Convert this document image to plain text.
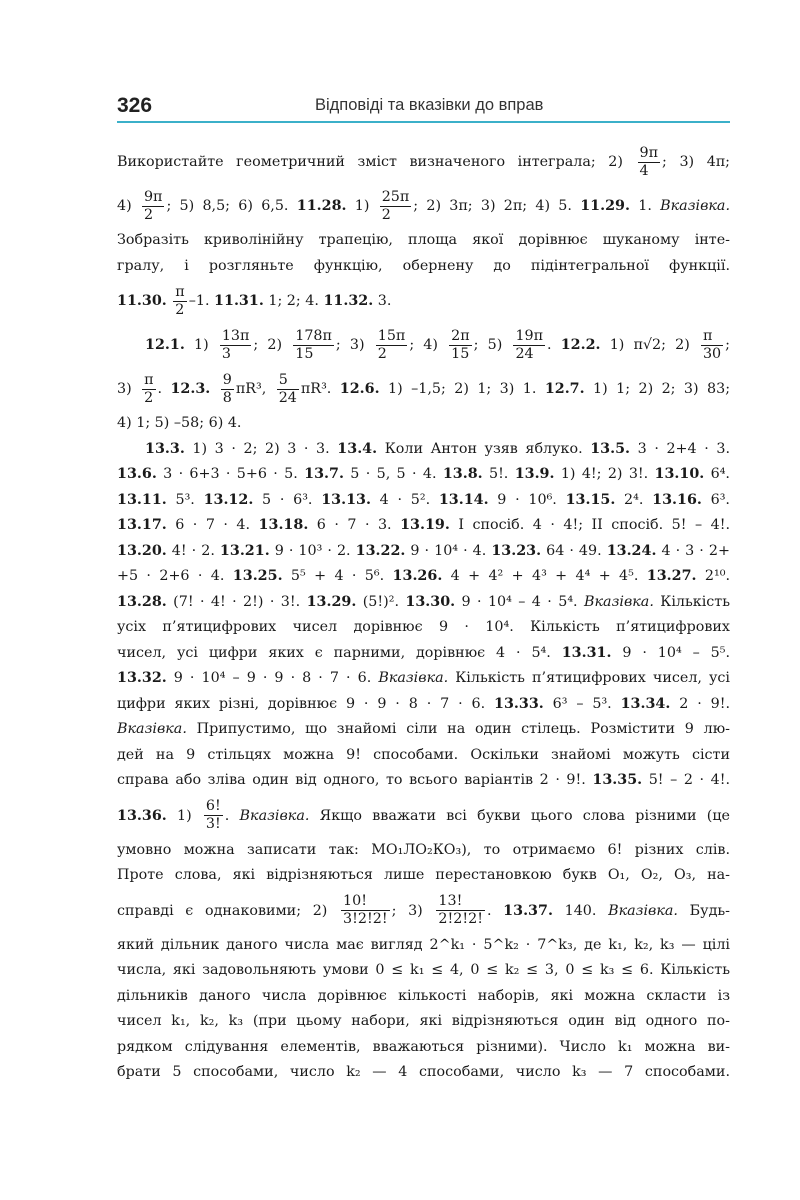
326	Відповіді та вказівки до вправ

Використайте геометричний зміст визначеного інтеграла; $2) \frac{9\pi}{4}$ ; 3) 4π;

$4) \frac{9\pi}{2}$ ; 5) 8,5; 6) 6,5. 11.28. $1) \frac{25\pi}{2}$ ; 2) 3π; 3) 2π; 4) 5. 11.29. 1. Вказівка.

Зобразіть криволінійну трапецію, площа якої дорівнює шуканому інте-

гралу, і розгляньте функцію, обернену до підінтегральної функції.

11.30. $\frac{\pi}{2} -1$. 11.31. 1; 2; 4. 11.32. 3.

12.1. $1) \frac{13\pi}{3}$ ; $2) \frac{178\pi}{15}$ ; $3) \frac{15\pi}{2}$ ; $4) \frac{2\pi}{15}$ ; $5) \frac{19\pi}{24}$ . 12.2. 1) π√2; $2) \frac{\pi}{30}$ ;

$3) \frac{\pi}{2}$ . 12.3. $\frac{9}{8} \pi R^3$, $\frac{5}{24} \pi R^3$. 12.6. 1) –1,5; 2) 1; 3) 1. 12.7. 1) 1; 2) 2; 3) 83;

4) 1; 5) –58; 6) 4.

13.3. 1) 3 · 2; 2) 3 · 3. 13.4. Коли Антон узяв яблуко. 13.5. 3 · 2+4 · 3.

13.6. 3 · 6+3 · 5+6 · 5. 13.7. 5 · 5, 5 · 4. 13.8. 5!. 13.9. 1) 4!; 2) 3!. 13.10. 6⁴.

13.11. 5³. 13.12. 5 · 6³. 13.13. 4 · 5². 13.14. 9 · 10⁶. 13.15. 2⁴. 13.16. 6³.

13.17. 6 · 7 · 4. 13.18. 6 · 7 · 3. 13.19. І спосіб. 4 · 4!; ІІ спосіб. 5! – 4!.

13.20. 4! · 2. 13.21. 9 · 10³ · 2. 13.22. 9 · 10⁴ · 4. 13.23. 64 · 49. 13.24. 4 · 3 · 2+

+5 · 2+6 · 4. 13.25. 5⁵ + 4 · 5⁶. 13.26. 4 + 4² + 4³ + 4⁴ + 4⁵. 13.27. 2¹⁰.

13.28. (7! · 4! · 2!) · 3!. 13.29. (5!)². 13.30. 9 · 10⁴ – 4 · 5⁴. Вказівка. Кількість

усіх п’ятицифрових чисел дорівнює 9 · 10⁴. Кількість п’ятицифрових

чисел, усі цифри яких є парними, дорівнює 4 · 5⁴. 13.31. 9 · 10⁴ – 5⁵.

13.32. 9 · 10⁴ – 9 · 9 · 8 · 7 · 6. Вказівка. Кількість п’ятицифрових чисел, усі

цифри яких різні, дорівнює 9 · 9 · 8 · 7 · 6. 13.33. 6³ – 5³. 13.34. 2 · 9!.

Вказівка. Припустимо, що знайомі сіли на один стілець. Розмістити 9 лю-

дей на 9 стільцях можна 9! способами. Оскільки знайомі можуть сісти

справа або зліва один від одного, то всього варіантів 2 · 9!. 13.35. 5! – 2 · 4!.

13.36. $1) \frac{6!}{3!}$ . Вказівка. Якщо вважати всі букви цього слова різними (це

умовно можна записати так: МО₁ЛО₂КО₃), то отримаємо 6! різних слів.

Проте слова, які відрізняються лише перестановкою букв О₁, О₂, О₃, на-

справді є однаковими; $2) \frac{10!}{3!2!2!}$ ; $3) \frac{13!}{2!2!2!}$ . 13.37. 140. Вказівка. Будь-

який дільник даного числа має вигляд 2^k₁ · 5^k₂ · 7^k₃, де k₁, k₂, k₃ — цілі

числа, які задовольняють умови 0 ≤ k₁ ≤ 4, 0 ≤ k₂ ≤ 3, 0 ≤ k₃ ≤ 6. Кількість

дільників даного числа дорівнює кількості наборів, які можна скласти із

чисел k₁, k₂, k₃ (при цьому набори, які відрізняються один від одного по-

рядком слідування елементів, вважаються різними). Число k₁ можна ви-

брати 5 способами, число k₂ — 4 способами, число k₃ — 7 способами.
